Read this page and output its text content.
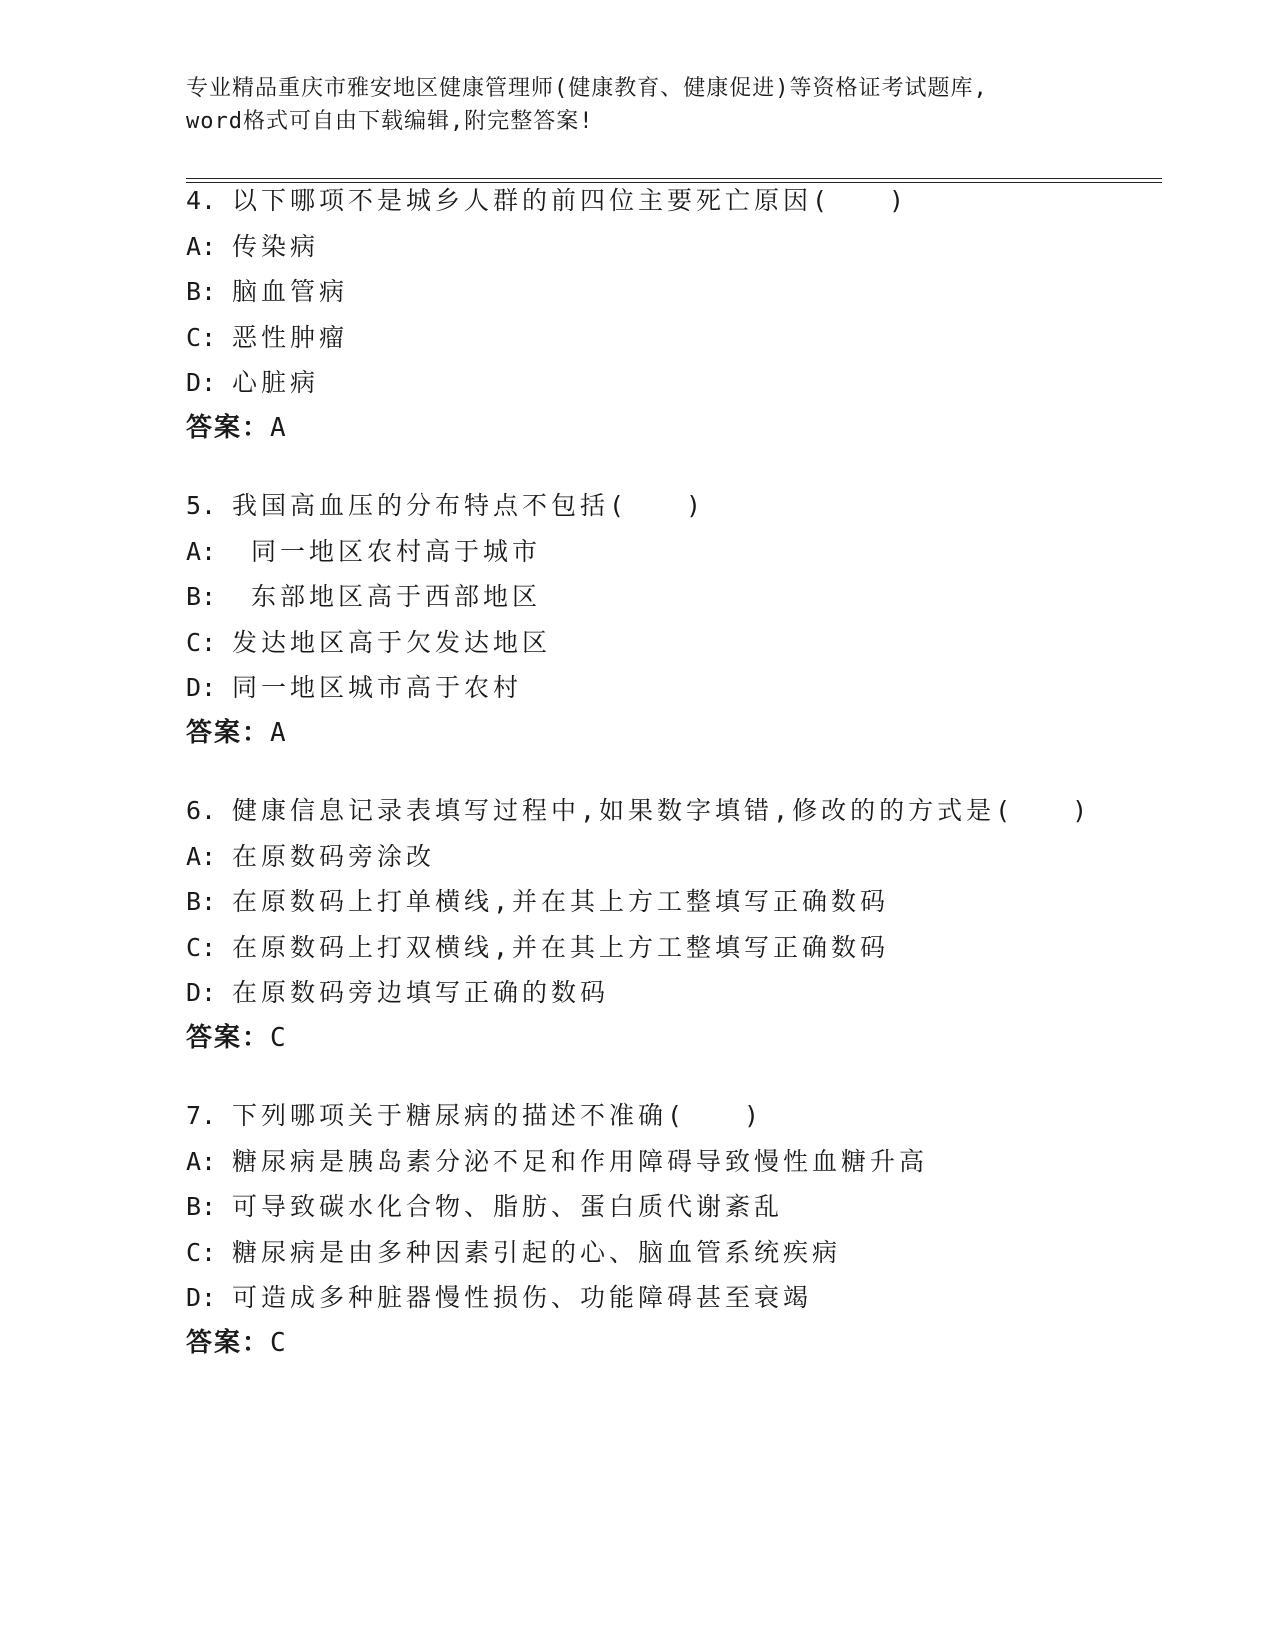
专业精品重庆市雅安地区健康管理师(健康教育、健康促进)等资格证考试题库,
word格式可自由下载编辑,附完整答案!
4. 以下哪项不是城乡人群的前四位主要死亡原因(　　)
A: 传染病
B: 脑血管病
C: 恶性肿瘤
D: 心脏病
答案：A
5. 我国高血压的分布特点不包括(　　)
A: 同一地区农村高于城市
B: 东部地区高于西部地区
C: 发达地区高于欠发达地区
D: 同一地区城市高于农村
答案：A
6. 健康信息记录表填写过程中,如果数字填错,修改的的方式是(　　)
A: 在原数码旁涂改
B: 在原数码上打单横线,并在其上方工整填写正确数码
C: 在原数码上打双横线,并在其上方工整填写正确数码
D: 在原数码旁边填写正确的数码
答案：C
7. 下列哪项关于糖尿病的描述不准确(　　)
A: 糖尿病是胰岛素分泌不足和作用障碍导致慢性血糖升高
B: 可导致碳水化合物、脂肪、蛋白质代谢紊乱
C: 糖尿病是由多种因素引起的心、脑血管系统疾病
D: 可造成多种脏器慢性损伤、功能障碍甚至衰竭
答案：C
